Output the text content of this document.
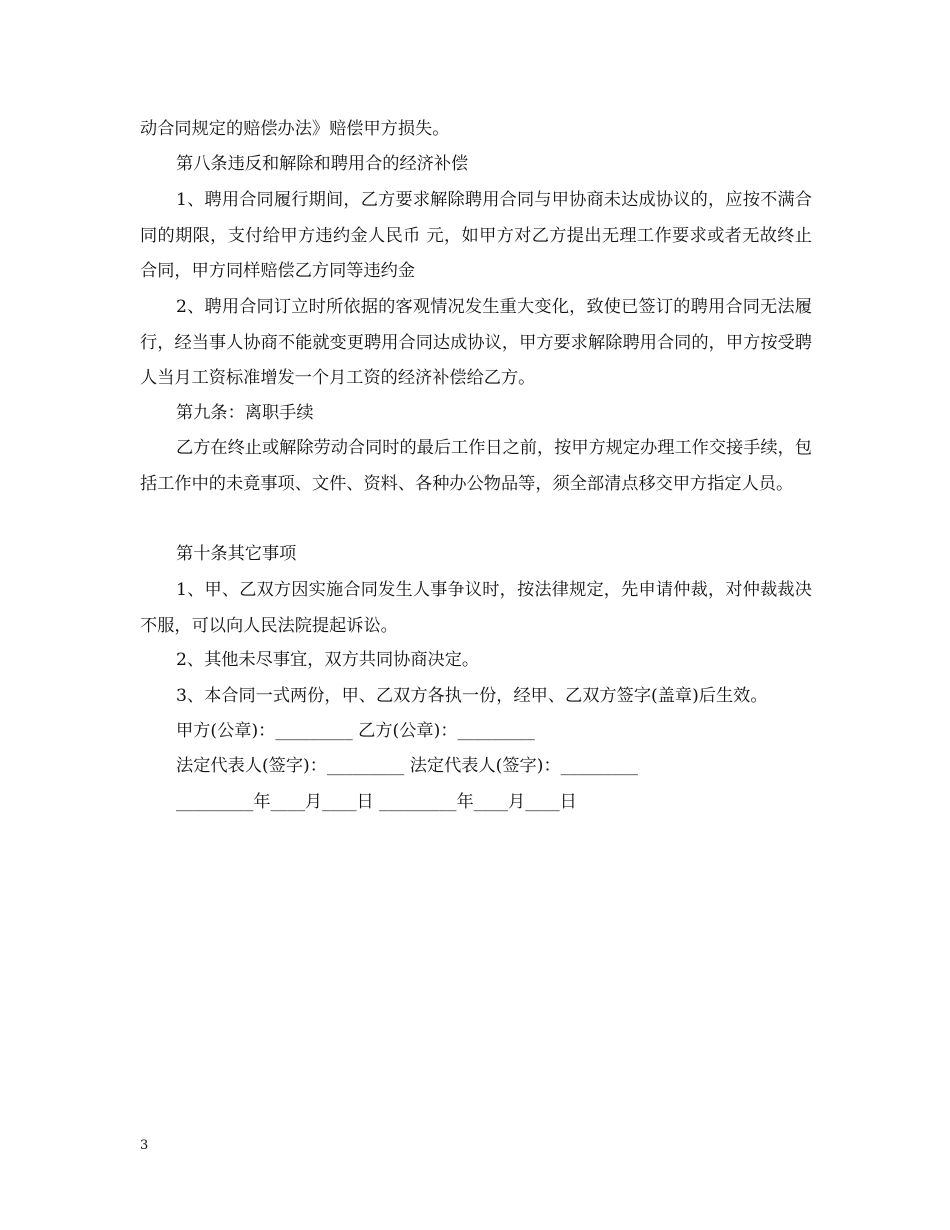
动合同规定的赔偿办法》赔偿甲方损失。

第八条违反和解除和聘用合的经济补偿

1、聘用合同履行期间，乙方要求解除聘用合同与甲协商未达成协议的，应按不满合同的期限，支付给甲方违约金人民币 元，如甲方对乙方提出无理工作要求或者无故终止合同，甲方同样赔偿乙方同等违约金

2、聘用合同订立时所依据的客观情况发生重大变化，致使已签订的聘用合同无法履行，经当事人协商不能就变更聘用合同达成协议，甲方要求解除聘用合同的，甲方按受聘人当月工资标准增发一个月工资的经济补偿给乙方。

第九条：离职手续

乙方在终止或解除劳动合同时的最后工作日之前，按甲方规定办理工作交接手续，包括工作中的未竟事项、文件、资料、各种办公物品等，须全部清点移交甲方指定人员。

第十条其它事项

1、甲、乙双方因实施合同发生人事争议时，按法律规定，先申请仲裁，对仲裁裁决不服，可以向人民法院提起诉讼。

2、其他未尽事宜，双方共同协商决定。

3、本合同一式两份，甲、乙双方各执一份，经甲、乙双方签字(盖章)后生效。

甲方(公章)：_________ 乙方(公章)：_________
法定代表人(签字)：_________ 法定代表人(签字)：_________
_________年____月____日 _________年____月____日
3
